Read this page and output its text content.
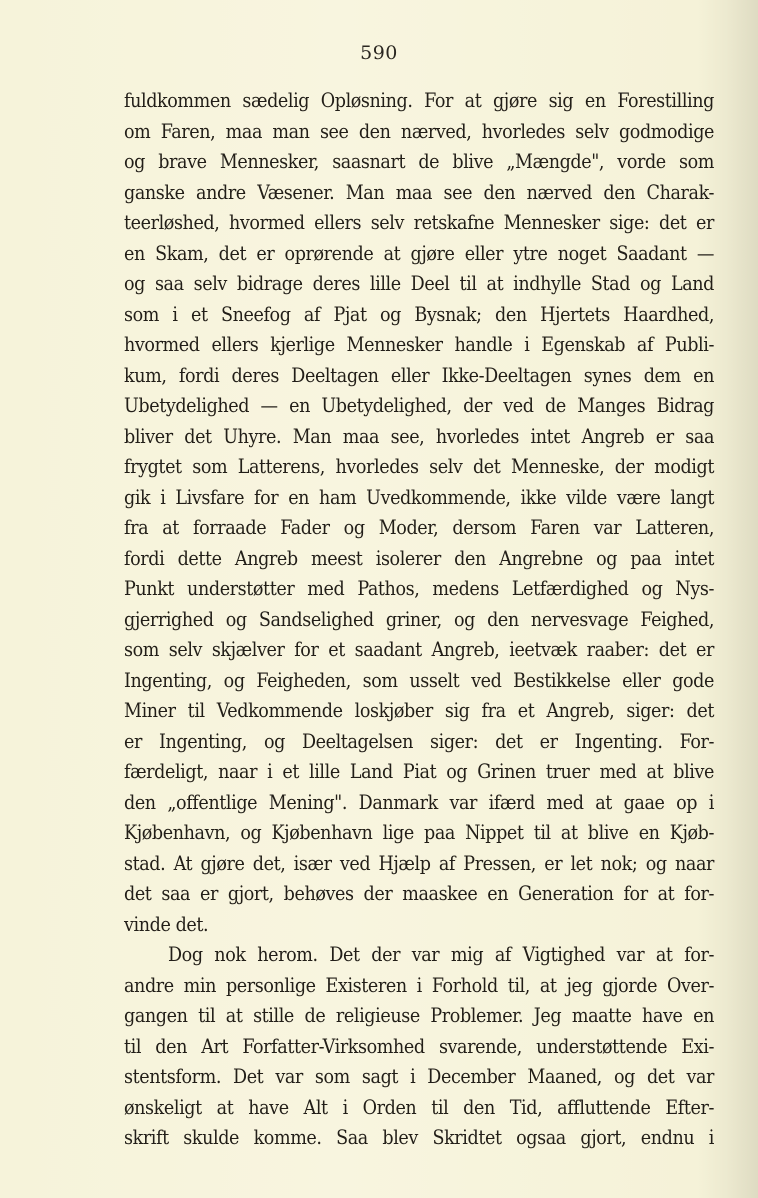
590
fuldkommen sædelig Opløsning. For at gjøre sig en Forestilling
om Faren, maa man see den nærved, hvorledes selv godmodige
og brave Mennesker, saasnart de blive „Mængde", vorde som
ganske andre Væsener. Man maa see den nærved den Charak-
teerløshed, hvormed ellers selv retskafne Mennesker sige: det er
en Skam, det er oprørende at gjøre eller ytre noget Saadant —
og saa selv bidrage deres lille Deel til at indhylle Stad og Land
som i et Sneefog af Pjat og Bysnak; den Hjertets Haardhed,
hvormed ellers kjerlige Mennesker handle i Egenskab af Publi-
kum, fordi deres Deeltagen eller Ikke-Deeltagen synes dem en
Ubetydelighed — en Ubetydelighed, der ved de Manges Bidrag
bliver det Uhyre. Man maa see, hvorledes intet Angreb er saa
frygtet som Latterens, hvorledes selv det Menneske, der modigt
gik i Livsfare for en ham Uvedkommende, ikke vilde være langt
fra at forraade Fader og Moder, dersom Faren var Latteren,
fordi dette Angreb meest isolerer den Angrebne og paa intet
Punkt understøtter med Pathos, medens Letfærdighed og Nys-
gjerrighed og Sandselighed griner, og den nervesvage Feighed,
som selv skjælver for et saadant Angreb, ieetvæk raaber: det er
Ingenting, og Feigheden, som usselt ved Bestikkelse eller gode
Miner til Vedkommende loskjøber sig fra et Angreb, siger: det
er Ingenting, og Deeltagelsen siger: det er Ingenting. For-
færdeligt, naar i et lille Land Piat og Grinen truer med at blive
den „offentlige Mening". Danmark var ifærd med at gaae op i
Kjøbenhavn, og Kjøbenhavn lige paa Nippet til at blive en Kjøb-
stad. At gjøre det, især ved Hjælp af Pressen, er let nok; og naar
det saa er gjort, behøves der maaskee en Generation for at for-
vinde det.
Dog nok herom. Det der var mig af Vigtighed var at for-
andre min personlige Existeren i Forhold til, at jeg gjorde Over-
gangen til at stille de religieuse Problemer. Jeg maatte have en
til den Art Forfatter-Virksomhed svarende, understøttende Exi-
stentsform. Det var som sagt i December Maaned, og det var
ønskeligt at have Alt i Orden til den Tid, affluttende Efter-
skrift skulde komme. Saa blev Skridtet ogsaa gjort, endnu i
